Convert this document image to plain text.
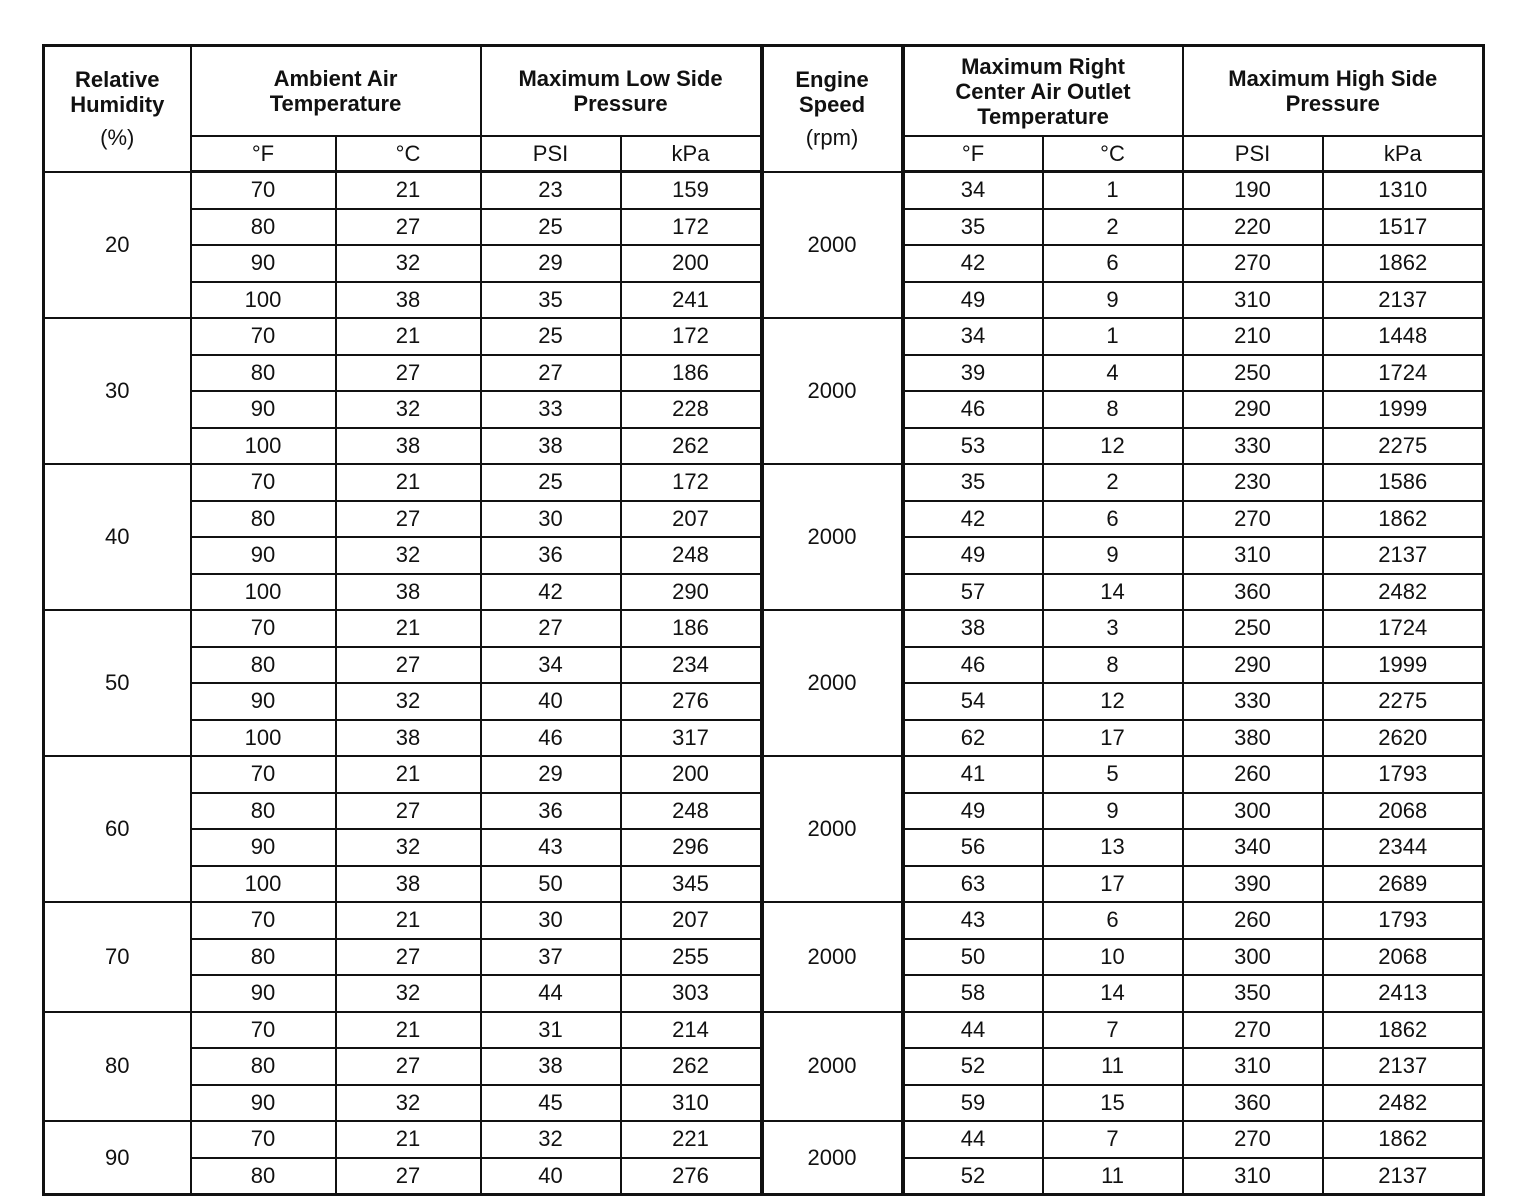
Relative
Humidity
(%)	Ambient Air
Temperature		Maximum Low Side
Pressure		Engine
Speed
(rpm)	Maximum Right
Center Air Outlet
Temperature		Maximum High Side
Pressure	
	°F	°C	PSI	kPa		°F	°C	PSI	kPa
20	70	21	23	159	2000	34	1	190	1310
	80	27	25	172		35	2	220	1517
	90	32	29	200		42	6	270	1862
	100	38	35	241		49	9	310	2137
30	70	21	25	172	2000	34	1	210	1448
	80	27	27	186		39	4	250	1724
	90	32	33	228		46	8	290	1999
	100	38	38	262		53	12	330	2275
40	70	21	25	172	2000	35	2	230	1586
	80	27	30	207		42	6	270	1862
	90	32	36	248		49	9	310	2137
	100	38	42	290		57	14	360	2482
50	70	21	27	186	2000	38	3	250	1724
	80	27	34	234		46	8	290	1999
	90	32	40	276		54	12	330	2275
	100	38	46	317		62	17	380	2620
60	70	21	29	200	2000	41	5	260	1793
	80	27	36	248		49	9	300	2068
	90	32	43	296		56	13	340	2344
	100	38	50	345		63	17	390	2689
70	70	21	30	207	2000	43	6	260	1793
	80	27	37	255		50	10	300	2068
	90	32	44	303		58	14	350	2413
80	70	21	31	214	2000	44	7	270	1862
	80	27	38	262		52	11	310	2137
	90	32	45	310		59	15	360	2482
90	70	21	32	221	2000	44	7	270	1862
	80	27	40	276		52	11	310	2137
